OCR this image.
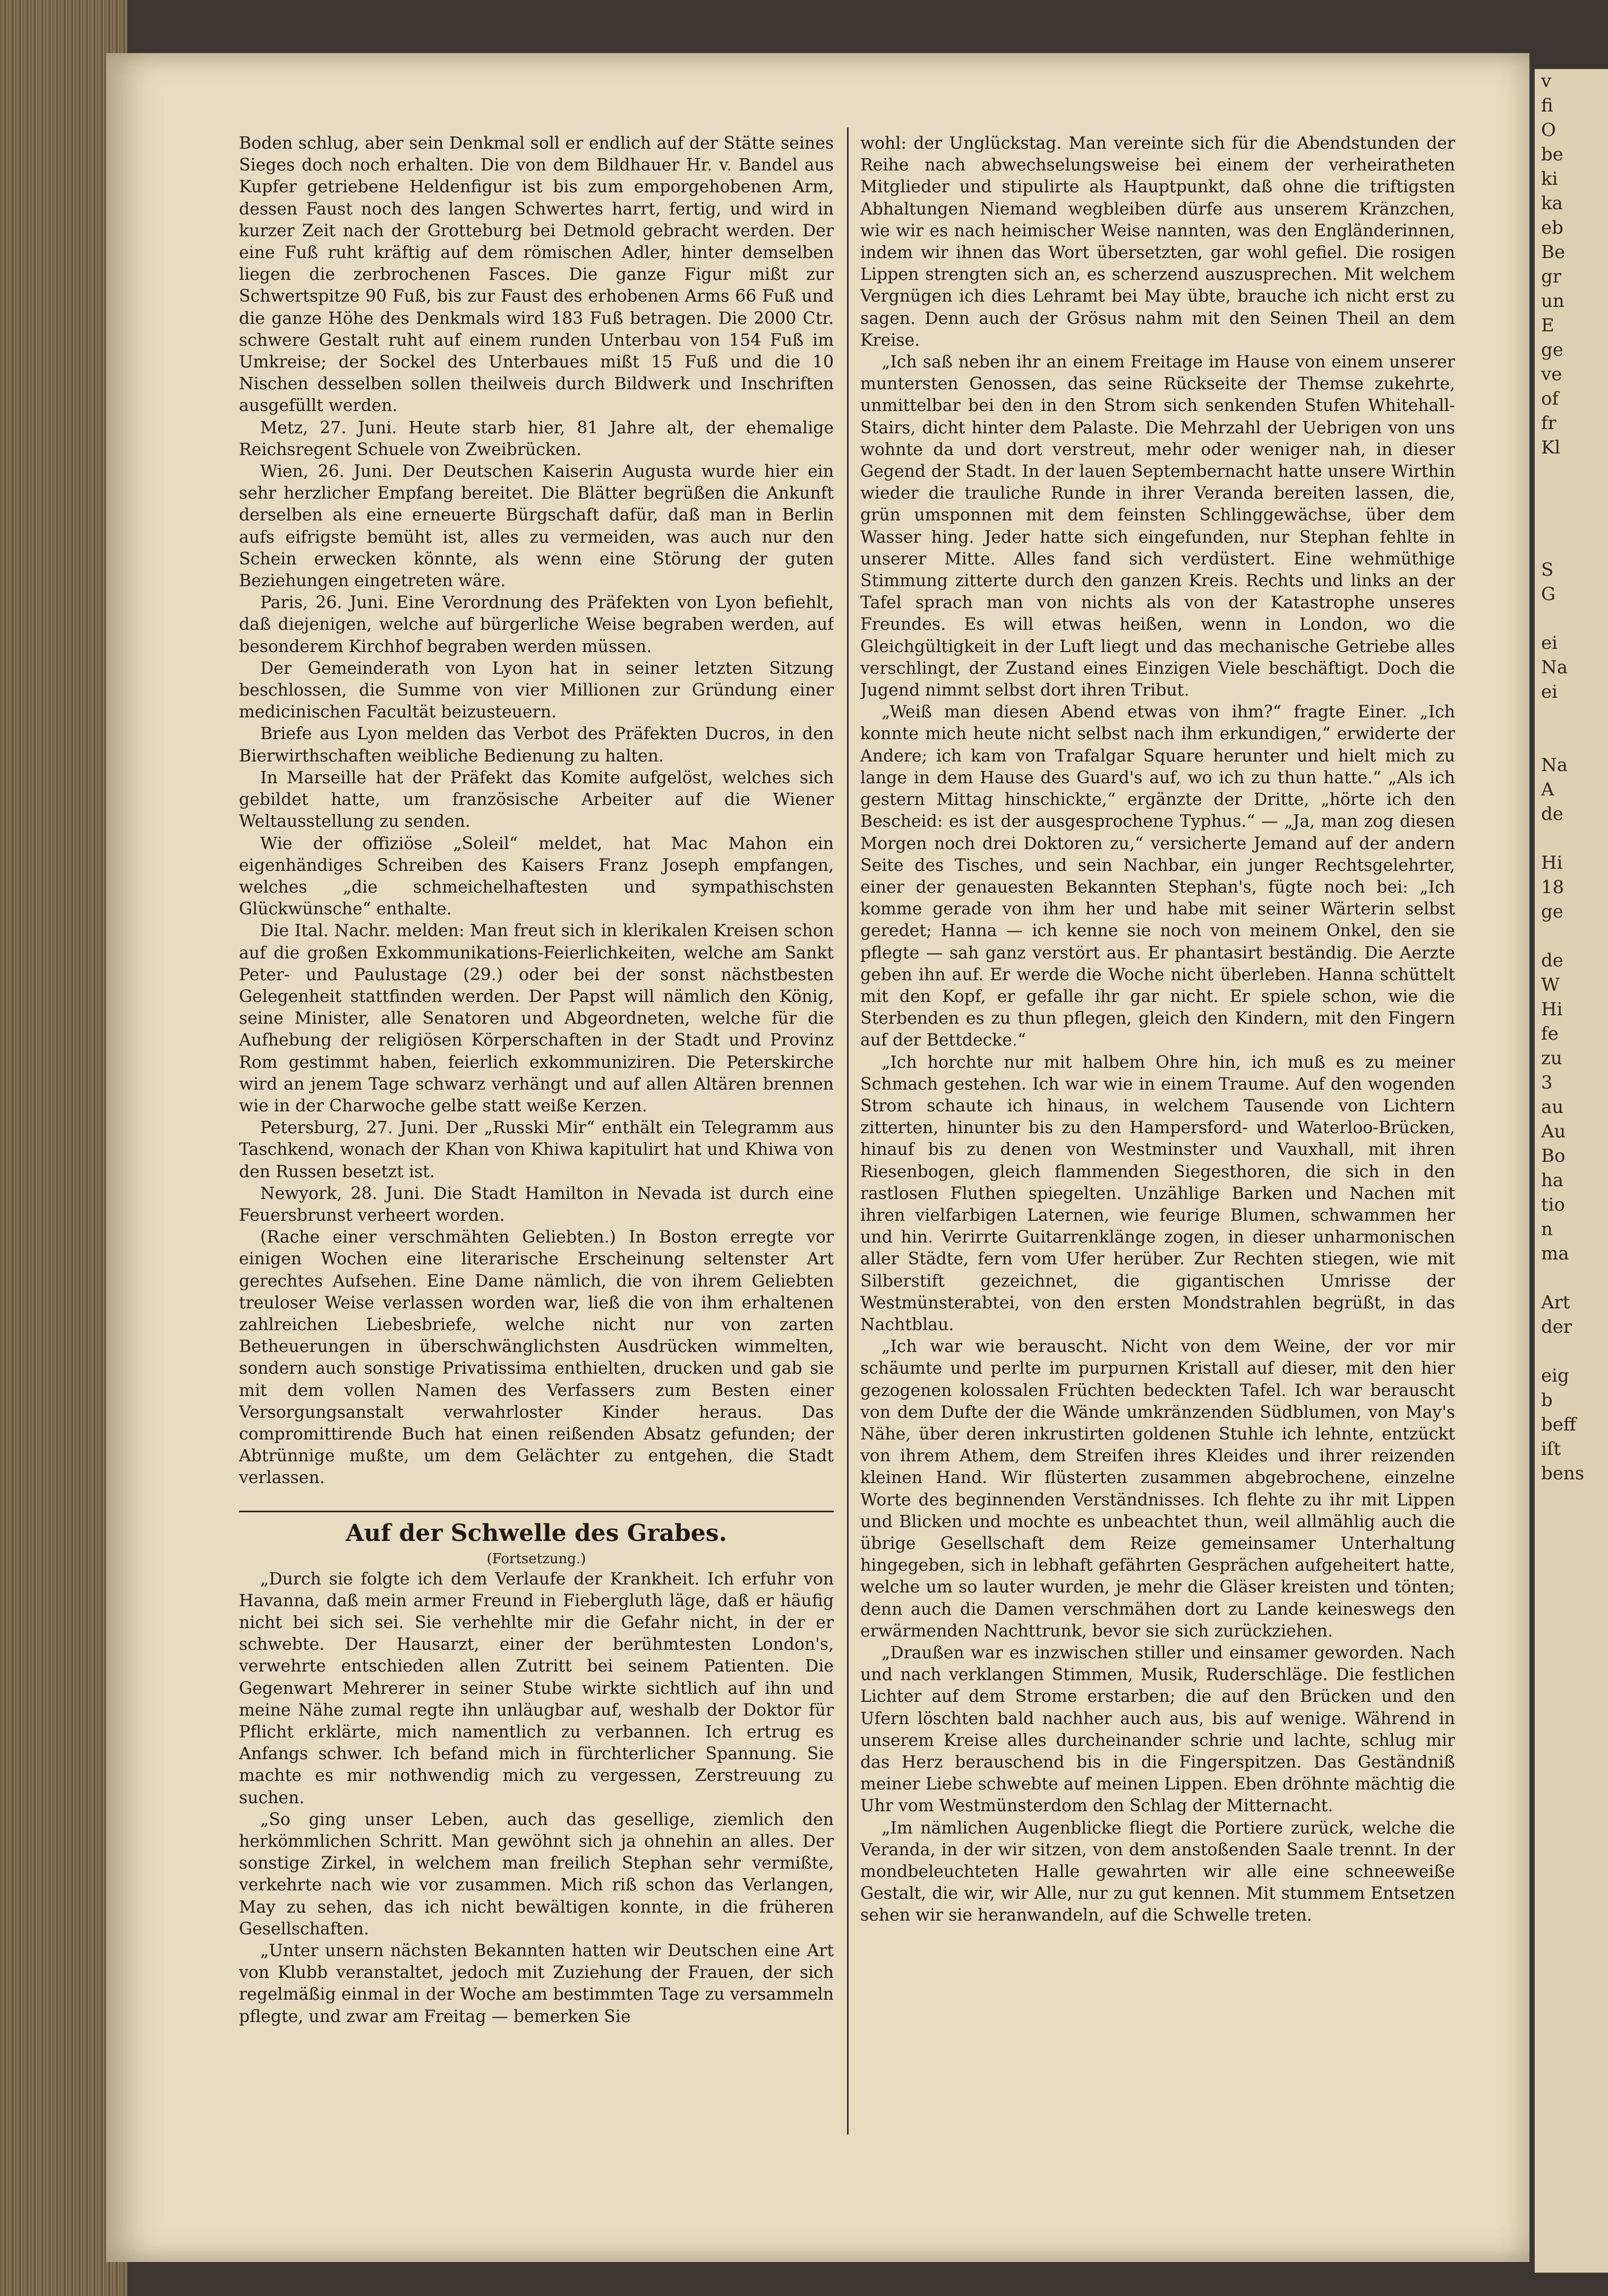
Boden schlug, aber sein Denkmal soll er endlich auf der Stätte seines Sieges doch noch erhalten. Die von dem Bildhauer Hr. v. Bandel aus Kupfer getriebene Heldenfigur ist bis zum emporgehobenen Arm, dessen Faust noch des langen Schwertes harrt, fertig, und wird in kurzer Zeit nach der Grotteburg bei Detmold gebracht werden. Der eine Fuß ruht kräftig auf dem römischen Adler, hinter demselben liegen die zerbrochenen Fasces. Die ganze Figur mißt zur Schwertspitze 90 Fuß, bis zur Faust des erhobenen Arms 66 Fuß und die ganze Höhe des Denkmals wird 183 Fuß betragen. Die 2000 Ctr. schwere Gestalt ruht auf einem runden Unterbau von 154 Fuß im Umkreise; der Sockel des Unterbaues mißt 15 Fuß und die 10 Nischen desselben sollen theilweis durch Bildwerk und Inschriften ausgefüllt werden.

Metz, 27. Juni. Heute starb hier, 81 Jahre alt, der ehemalige Reichsregent Schuele von Zweibrücken.

Wien, 26. Juni. Der Deutschen Kaiserin Augusta wurde hier ein sehr herzlicher Empfang bereitet. Die Blätter begrüßen die Ankunft derselben als eine erneuerte Bürgschaft dafür, daß man in Berlin aufs eifrigste bemüht ist, alles zu vermeiden, was auch nur den Schein erwecken könnte, als wenn eine Störung der guten Beziehungen eingetreten wäre.

Paris, 26. Juni. Eine Verordnung des Präfekten von Lyon befiehlt, daß diejenigen, welche auf bürgerliche Weise begraben werden, auf besonderem Kirchhof begraben werden müssen.

Der Gemeinderath von Lyon hat in seiner letzten Sitzung beschlossen, die Summe von vier Millionen zur Gründung einer medicinischen Facultät beizusteuern.

Briefe aus Lyon melden das Verbot des Präfekten Ducros, in den Bierwirthschaften weibliche Bedienung zu halten.

In Marseille hat der Präfekt das Komite aufgelöst, welches sich gebildet hatte, um französische Arbeiter auf die Wiener Weltausstellung zu senden.

Wie der offiziöse „Soleil“ meldet, hat Mac Mahon ein eigenhändiges Schreiben des Kaisers Franz Joseph empfangen, welches „die schmeichelhaftesten und sympathischsten Glückwünsche“ enthalte.

Die Ital. Nachr. melden: Man freut sich in klerikalen Kreisen schon auf die großen Exkommunikations-Feierlichkeiten, welche am Sankt Peter- und Paulustage (29.) oder bei der sonst nächstbesten Gelegenheit stattfinden werden. Der Papst will nämlich den König, seine Minister, alle Senatoren und Abgeordneten, welche für die Aufhebung der religiösen Körperschaften in der Stadt und Provinz Rom gestimmt haben, feierlich exkommuniziren. Die Peterskirche wird an jenem Tage schwarz verhängt und auf allen Altären brennen wie in der Charwoche gelbe statt weiße Kerzen.

Petersburg, 27. Juni. Der „Russki Mir“ enthält ein Telegramm aus Taschkend, wonach der Khan von Khiwa kapitulirt hat und Khiwa von den Russen besetzt ist.

Newyork, 28. Juni. Die Stadt Hamilton in Nevada ist durch eine Feuersbrunst verheert worden.

(Rache einer verschmähten Geliebten.) In Boston erregte vor einigen Wochen eine literarische Erscheinung seltenster Art gerechtes Aufsehen. Eine Dame nämlich, die von ihrem Geliebten treuloser Weise verlassen worden war, ließ die von ihm erhaltenen zahlreichen Liebesbriefe, welche nicht nur von zarten Betheuerungen in überschwänglichsten Ausdrücken wimmelten, sondern auch sonstige Privatissima enthielten, drucken und gab sie mit dem vollen Namen des Verfassers zum Besten einer Versorgungsanstalt verwahrloster Kinder heraus. Das compromittirende Buch hat einen reißenden Absatz gefunden; der Abtrünnige mußte, um dem Gelächter zu entgehen, die Stadt verlassen.

Auf der Schwelle des Grabes.
(Fortsetzung.)

„Durch sie folgte ich dem Verlaufe der Krankheit. Ich erfuhr von Havanna, daß mein armer Freund in Fiebergluth läge, daß er häufig nicht bei sich sei. Sie verhehlte mir die Gefahr nicht, in der er schwebte. Der Hausarzt, einer der berühmtesten London's, verwehrte entschieden allen Zutritt bei seinem Patienten. Die Gegenwart Mehrerer in seiner Stube wirkte sichtlich auf ihn und meine Nähe zumal regte ihn unläugbar auf, weshalb der Doktor für Pflicht erklärte, mich namentlich zu verbannen. Ich ertrug es Anfangs schwer. Ich befand mich in fürchterlicher Spannung. Sie machte es mir nothwendig mich zu vergessen, Zerstreuung zu suchen.

„So ging unser Leben, auch das gesellige, ziemlich den herkömmlichen Schritt. Man gewöhnt sich ja ohnehin an alles. Der sonstige Zirkel, in welchem man freilich Stephan sehr vermißte, verkehrte nach wie vor zusammen. Mich riß schon das Verlangen, May zu sehen, das ich nicht bewältigen konnte, in die früheren Gesellschaften.

„Unter unsern nächsten Bekannten hatten wir Deutschen eine Art von Klubb veranstaltet, jedoch mit Zuziehung der Frauen, der sich regelmäßig einmal in der Woche am bestimmten Tage zu versammeln pflegte, und zwar am Freitag — bemerken Sie

wohl: der Unglückstag. Man vereinte sich für die Abendstunden der Reihe nach abwechselungsweise bei einem der verheiratheten Mitglieder und stipulirte als Hauptpunkt, daß ohne die triftigsten Abhaltungen Niemand wegbleiben dürfe aus unserem Kränzchen, wie wir es nach heimischer Weise nannten, was den Engländerinnen, indem wir ihnen das Wort übersetzten, gar wohl gefiel. Die rosigen Lippen strengten sich an, es scherzend auszusprechen. Mit welchem Vergnügen ich dies Lehramt bei May übte, brauche ich nicht erst zu sagen. Denn auch der Grösus nahm mit den Seinen Theil an dem Kreise.

„Ich saß neben ihr an einem Freitage im Hause von einem unserer muntersten Genossen, das seine Rückseite der Themse zukehrte, unmittelbar bei den in den Strom sich senkenden Stufen Whitehall-Stairs, dicht hinter dem Palaste. Die Mehrzahl der Uebrigen von uns wohnte da und dort verstreut, mehr oder weniger nah, in dieser Gegend der Stadt. In der lauen Septembernacht hatte unsere Wirthin wieder die trauliche Runde in ihrer Veranda bereiten lassen, die, grün umsponnen mit dem feinsten Schlinggewächse, über dem Wasser hing. Jeder hatte sich eingefunden, nur Stephan fehlte in unserer Mitte. Alles fand sich verdüstert. Eine wehmüthige Stimmung zitterte durch den ganzen Kreis. Rechts und links an der Tafel sprach man von nichts als von der Katastrophe unseres Freundes. Es will etwas heißen, wenn in London, wo die Gleichgültigkeit in der Luft liegt und das mechanische Getriebe alles verschlingt, der Zustand eines Einzigen Viele beschäftigt. Doch die Jugend nimmt selbst dort ihren Tribut.

„Weiß man diesen Abend etwas von ihm?“ fragte Einer. „Ich konnte mich heute nicht selbst nach ihm erkundigen,“ erwiderte der Andere; ich kam von Trafalgar Square herunter und hielt mich zu lange in dem Hause des Guard's auf, wo ich zu thun hatte.“ „Als ich gestern Mittag hinschickte,“ ergänzte der Dritte, „hörte ich den Bescheid: es ist der ausgesprochene Typhus.“ — „Ja, man zog diesen Morgen noch drei Doktoren zu,“ versicherte Jemand auf der andern Seite des Tisches, und sein Nachbar, ein junger Rechtsgelehrter, einer der genauesten Bekannten Stephan's, fügte noch bei: „Ich komme gerade von ihm her und habe mit seiner Wärterin selbst geredet; Hanna — ich kenne sie noch von meinem Onkel, den sie pflegte — sah ganz verstört aus. Er phantasirt beständig. Die Aerzte geben ihn auf. Er werde die Woche nicht überleben. Hanna schüttelt mit den Kopf, er gefalle ihr gar nicht. Er spiele schon, wie die Sterbenden es zu thun pflegen, gleich den Kindern, mit den Fingern auf der Bettdecke.“

„Ich horchte nur mit halbem Ohre hin, ich muß es zu meiner Schmach gestehen. Ich war wie in einem Traume. Auf den wogenden Strom schaute ich hinaus, in welchem Tausende von Lichtern zitterten, hinunter bis zu den Hampersford- und Waterloo-Brücken, hinauf bis zu denen von Westminster und Vauxhall, mit ihren Riesenbogen, gleich flammenden Siegesthoren, die sich in den rastlosen Fluthen spiegelten. Unzählige Barken und Nachen mit ihren vielfarbigen Laternen, wie feurige Blumen, schwammen her und hin. Verirrte Guitarrenklänge zogen, in dieser unharmonischen aller Städte, fern vom Ufer herüber. Zur Rechten stiegen, wie mit Silberstift gezeichnet, die gigantischen Umrisse der Westmünsterabtei, von den ersten Mondstrahlen begrüßt, in das Nachtblau.

„Ich war wie berauscht. Nicht von dem Weine, der vor mir schäumte und perlte im purpurnen Kristall auf dieser, mit den hier gezogenen kolossalen Früchten bedeckten Tafel. Ich war berauscht von dem Dufte der die Wände umkränzenden Südblumen, von May's Nähe, über deren inkrustirten goldenen Stuhle ich lehnte, entzückt von ihrem Athem, dem Streifen ihres Kleides und ihrer reizenden kleinen Hand. Wir flüsterten zusammen abgebrochene, einzelne Worte des beginnenden Verständnisses. Ich flehte zu ihr mit Lippen und Blicken und mochte es unbeachtet thun, weil allmählig auch die übrige Gesellschaft dem Reize gemeinsamer Unterhaltung hingegeben, sich in lebhaft gefährten Gesprächen aufgeheitert hatte, welche um so lauter wurden, je mehr die Gläser kreisten und tönten; denn auch die Damen verschmähen dort zu Lande keineswegs den erwärmenden Nachttrunk, bevor sie sich zurückziehen.

„Draußen war es inzwischen stiller und einsamer geworden. Nach und nach verklangen Stimmen, Musik, Ruderschläge. Die festlichen Lichter auf dem Strome erstarben; die auf den Brücken und den Ufern löschten bald nachher auch aus, bis auf wenige. Während in unserem Kreise alles durcheinander schrie und lachte, schlug mir das Herz berauschend bis in die Fingerspitzen. Das Geständniß meiner Liebe schwebte auf meinen Lippen. Eben dröhnte mächtig die Uhr vom Westmünsterdom den Schlag der Mitternacht.

„Im nämlichen Augenblicke fliegt die Portiere zurück, welche die Veranda, in der wir sitzen, von dem anstoßenden Saale trennt. In der mondbeleuchteten Halle gewahrten wir alle eine schneeweiße Gestalt, die wir, wir Alle, nur zu gut kennen. Mit stummem Entsetzen sehen wir sie heranwandeln, auf die Schwelle treten.

v
fi
O
be
ki
ka
eb
Be
gr
un
E
ge
ve
of
fr
Kl

S
G

ei
Na
ei

Na
A
de

Hi
18
ge

de
W
Hi
fe
zu
3
au
Au
Bo
ha
tio
n
ma

Art
der

eig
b
beff
iſt
bens
